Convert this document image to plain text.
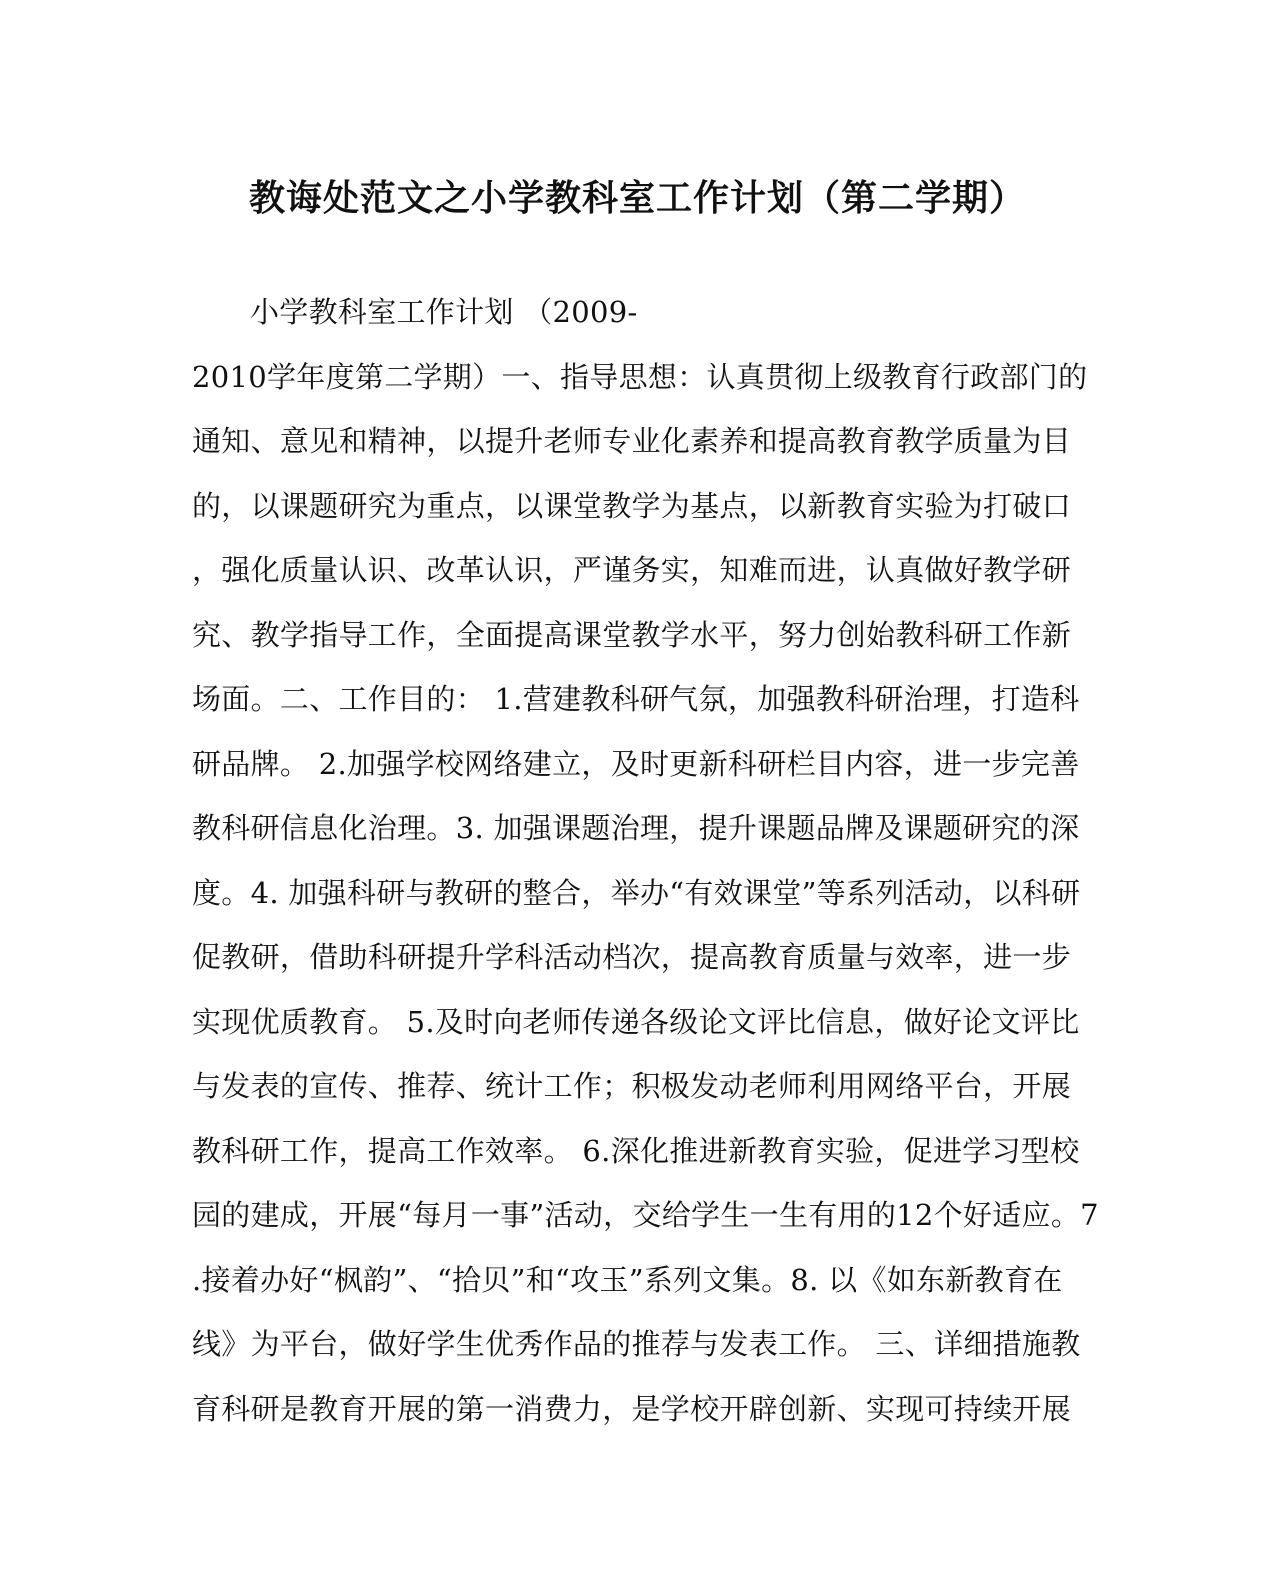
教诲处范文之小学教科室工作计划（第二学期）
小学教科室工作计划 （2009-
2010学年度第二学期）一、指导思想：认真贯彻上级教育行政部门的
通知、意见和精神，以提升老师专业化素养和提高教育教学质量为目
的，以课题研究为重点，以课堂教学为基点，以新教育实验为打破口
，强化质量认识、改革认识，严谨务实，知难而进，认真做好教学研
究、教学指导工作，全面提高课堂教学水平，努力创始教科研工作新
场面。二、工作目的： 1.营建教科研气氛，加强教科研治理，打造科
研品牌。 2.加强学校网络建立，及时更新科研栏目内容，进一步完善
教科研信息化治理。3. 加强课题治理，提升课题品牌及课题研究的深
度。4. 加强科研与教研的整合，举办“有效课堂”等系列活动，以科研
促教研，借助科研提升学科活动档次，提高教育质量与效率，进一步
实现优质教育。 5.及时向老师传递各级论文评比信息，做好论文评比
与发表的宣传、推荐、统计工作；积极发动老师利用网络平台，开展
教科研工作，提高工作效率。 6.深化推进新教育实验，促进学习型校
园的建成，开展“每月一事”活动，交给学生一生有用的12个好适应。7
.接着办好“枫韵”、“拾贝”和“攻玉”系列文集。8. 以《如东新教育在
线》为平台，做好学生优秀作品的推荐与发表工作。 三、详细措施教
育科研是教育开展的第一消费力，是学校开辟创新、实现可持续开展
